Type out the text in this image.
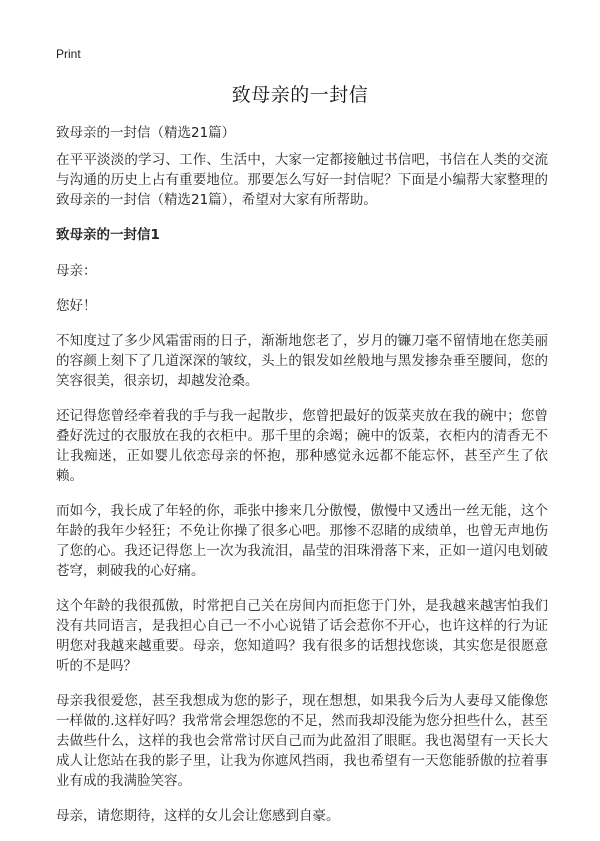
Print
致母亲的一封信
致母亲的一封信（精选21篇）

在平平淡淡的学习、工作、生活中，大家一定都接触过书信吧，书信在人类的交流与沟通的历史上占有重要地位。那要怎么写好一封信呢？下面是小编帮大家整理的致母亲的一封信（精选21篇），希望对大家有所帮助。

致母亲的一封信1

母亲：

您好！

不知度过了多少风霜雷雨的日子，渐渐地您老了，岁月的镰刀毫不留情地在您美丽的容颜上刻下了几道深深的皱纹，头上的银发如丝般地与黑发掺杂垂至腰间，您的笑容很美，很亲切，却越发沧桑。

还记得您曾经牵着我的手与我一起散步，您曾把最好的饭菜夹放在我的碗中；您曾叠好洗过的衣服放在我的衣柜中。那千里的余竭；碗中的饭菜，衣柜内的清香无不让我痴迷，正如婴儿依恋母亲的怀抱，那种感觉永远都不能忘怀，甚至产生了依赖。

而如今，我长成了年轻的你，乖张中掺来几分傲慢，傲慢中又透出一丝无能，这个年龄的我年少轻狂；不免让你操了很多心吧。那惨不忍睹的成绩单，也曾无声地伤了您的心。我还记得您上一次为我流泪，晶莹的泪珠滑落下来，正如一道闪电划破苍穹，刺破我的心好痛。

这个年龄的我很孤傲，时常把自己关在房间内而拒您于门外，是我越来越害怕我们没有共同语言，是我担心自己一不小心说错了话会惹你不开心，也许这样的行为证明您对我越来越重要。母亲，您知道吗？我有很多的话想找您谈，其实您是很愿意听的不是吗？

母亲我很爱您，甚至我想成为您的影子，现在想想，如果我今后为人妻母又能像您一样做的.这样好吗？我常常会埋怨您的不足，然而我却没能为您分担些什么，甚至去做些什么，这样的我也会常常讨厌自己而为此盈泪了眼眶。我也渴望有一天长大成人让您站在我的影子里，让我为你遮风挡雨，我也希望有一天您能骄傲的拉着事业有成的我满脸笑容。

母亲，请您期待，这样的女儿会让您感到自豪。
